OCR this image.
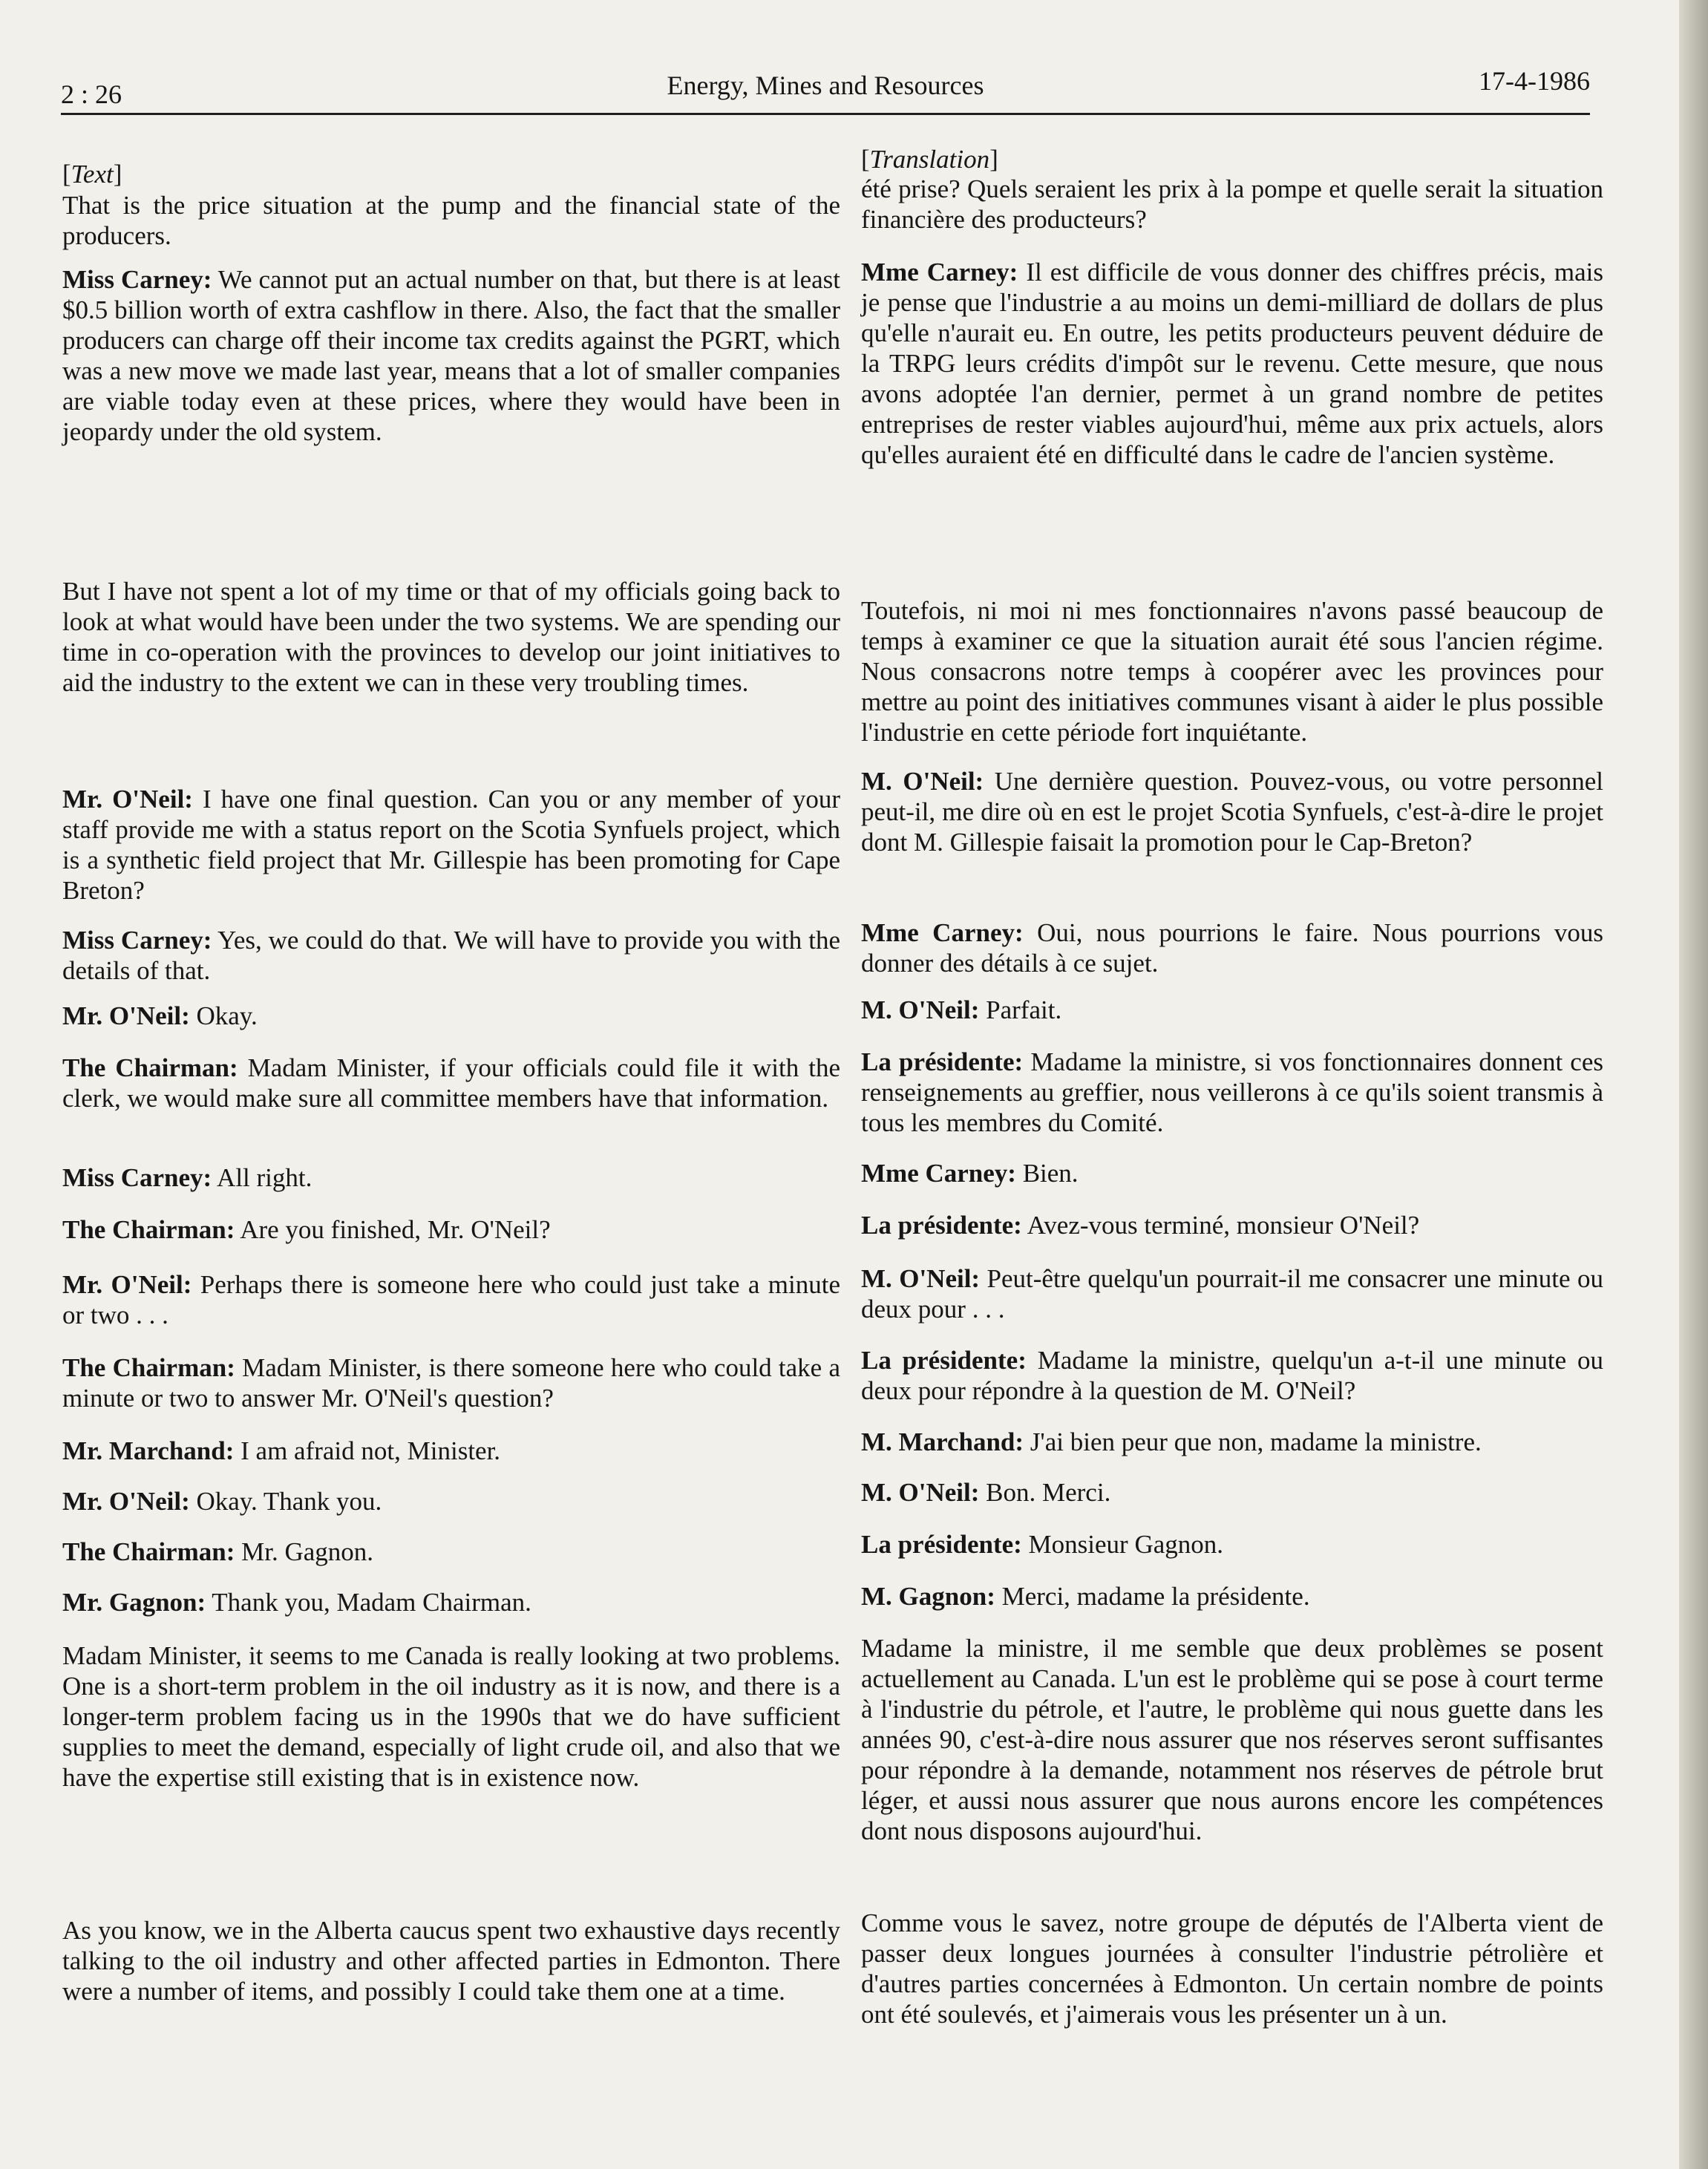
2 : 26	Energy, Mines and Resources	17-4-1986
[Text]

That is the price situation at the pump and the financial state of the producers.

Miss Carney: We cannot put an actual number on that, but there is at least $0.5 billion worth of extra cashflow in there. Also, the fact that the smaller producers can charge off their income tax credits against the PGRT, which was a new move we made last year, means that a lot of smaller companies are viable today even at these prices, where they would have been in jeopardy under the old system.

But I have not spent a lot of my time or that of my officials going back to look at what would have been under the two systems. We are spending our time in co-operation with the provinces to develop our joint initiatives to aid the industry to the extent we can in these very troubling times.

Mr. O'Neil: I have one final question. Can you or any member of your staff provide me with a status report on the Scotia Synfuels project, which is a synthetic field project that Mr. Gillespie has been promoting for Cape Breton?

Miss Carney: Yes, we could do that. We will have to provide you with the details of that.

Mr. O'Neil: Okay.

The Chairman: Madam Minister, if your officials could file it with the clerk, we would make sure all committee members have that information.

Miss Carney: All right.

The Chairman: Are you finished, Mr. O'Neil?

Mr. O'Neil: Perhaps there is someone here who could just take a minute or two . . .

The Chairman: Madam Minister, is there someone here who could take a minute or two to answer Mr. O'Neil's question?

Mr. Marchand: I am afraid not, Minister.

Mr. O'Neil: Okay. Thank you.

The Chairman: Mr. Gagnon.

Mr. Gagnon: Thank you, Madam Chairman.

Madam Minister, it seems to me Canada is really looking at two problems. One is a short-term problem in the oil industry as it is now, and there is a longer-term problem facing us in the 1990s that we do have sufficient supplies to meet the demand, especially of light crude oil, and also that we have the expertise still existing that is in existence now.

As you know, we in the Alberta caucus spent two exhaustive days recently talking to the oil industry and other affected parties in Edmonton. There were a number of items, and possibly I could take them one at a time.

[Translation]

été prise? Quels seraient les prix à la pompe et quelle serait la situation financière des producteurs?

Mme Carney: Il est difficile de vous donner des chiffres précis, mais je pense que l'industrie a au moins un demi-milliard de dollars de plus qu'elle n'aurait eu. En outre, les petits producteurs peuvent déduire de la TRPG leurs crédits d'impôt sur le revenu. Cette mesure, que nous avons adoptée l'an dernier, permet à un grand nombre de petites entreprises de rester viables aujourd'hui, même aux prix actuels, alors qu'elles auraient été en difficulté dans le cadre de l'ancien système.

Toutefois, ni moi ni mes fonctionnaires n'avons passé beaucoup de temps à examiner ce que la situation aurait été sous l'ancien régime. Nous consacrons notre temps à coopérer avec les provinces pour mettre au point des initiatives communes visant à aider le plus possible l'industrie en cette période fort inquiétante.

M. O'Neil: Une dernière question. Pouvez-vous, ou votre personnel peut-il, me dire où en est le projet Scotia Synfuels, c'est-à-dire le projet dont M. Gillespie faisait la promotion pour le Cap-Breton?

Mme Carney: Oui, nous pourrions le faire. Nous pourrions vous donner des détails à ce sujet.

M. O'Neil: Parfait.

La présidente: Madame la ministre, si vos fonctionnaires donnent ces renseignements au greffier, nous veillerons à ce qu'ils soient transmis à tous les membres du Comité.

Mme Carney: Bien.

La présidente: Avez-vous terminé, monsieur O'Neil?

M. O'Neil: Peut-être quelqu'un pourrait-il me consacrer une minute ou deux pour . . .

La présidente: Madame la ministre, quelqu'un a-t-il une minute ou deux pour répondre à la question de M. O'Neil?

M. Marchand: J'ai bien peur que non, madame la ministre.

M. O'Neil: Bon. Merci.

La présidente: Monsieur Gagnon.

M. Gagnon: Merci, madame la présidente.

Madame la ministre, il me semble que deux problèmes se posent actuellement au Canada. L'un est le problème qui se pose à court terme à l'industrie du pétrole, et l'autre, le problème qui nous guette dans les années 90, c'est-à-dire nous assurer que nos réserves seront suffisantes pour répondre à la demande, notamment nos réserves de pétrole brut léger, et aussi nous assurer que nous aurons encore les compétences dont nous disposons aujourd'hui.

Comme vous le savez, notre groupe de députés de l'Alberta vient de passer deux longues journées à consulter l'industrie pétrolière et d'autres parties concernées à Edmonton. Un certain nombre de points ont été soulevés, et j'aimerais vous les présenter un à un.
